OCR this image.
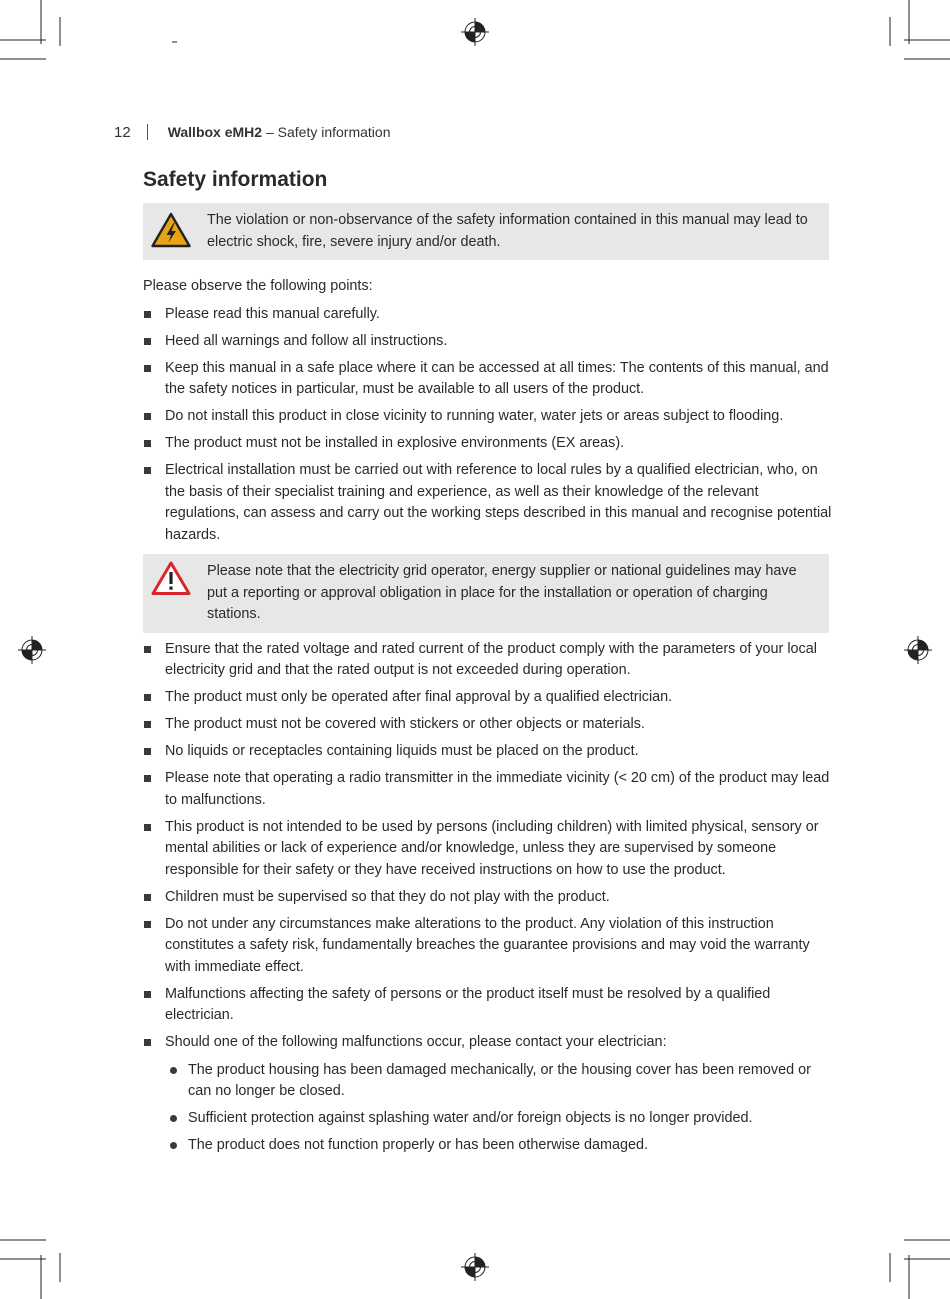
12	Wallbox eMH2 – Safety information
Safety information
The violation or non-observance of the safety information contained in this manual may lead to electric shock, fire, severe injury and/or death.

Please observe the following points:

Please read this manual carefully.
Heed all warnings and follow all instructions.
Keep this manual in a safe place where it can be accessed at all times: The contents of this manual, and the safety notices in particular, must be available to all users of the product.
Do not install this product in close vicinity to running water, water jets or areas subject to flooding.
The product must not be installed in explosive environments (EX areas).
Electrical installation must be carried out with reference to local rules by a qualified electrician, who, on the basis of their specialist training and experience, as well as their knowledge of the relevant regulations, can assess and carry out the working steps described in this manual and recognise potential hazards.
Please note that the electricity grid operator, energy supplier or national guidelines may have put a reporting or approval obligation in place for the installation or operation of charging stations.
Ensure that the rated voltage and rated current of the product comply with the parameters of your local electricity grid and that the rated output is not exceeded during operation.
The product must only be operated after final approval by a qualified electrician.
The product must not be covered with stickers or other objects or materials.
No liquids or receptacles containing liquids must be placed on the product.
Please note that operating a radio transmitter in the immediate vicinity (< 20 cm) of the product may lead to malfunctions.
This product is not intended to be used by persons (including children) with limited physical, sensory or mental abilities or lack of experience and/or knowledge, unless they are supervised by someone responsible for their safety or they have received instructions on how to use the product.
Children must be supervised so that they do not play with the product.
Do not under any circumstances make alterations to the product. Any violation of this instruction constitutes a safety risk, fundamentally breaches the guarantee provisions and may void the warranty with immediate effect.
Malfunctions affecting the safety of persons or the product itself must be resolved by a qualified electrician.
Should one of the following malfunctions occur, please contact your electrician:
The product housing has been damaged mechanically, or the housing cover has been removed or can no longer be closed.
Sufficient protection against splashing water and/or foreign objects is no longer provided.
The product does not function properly or has been otherwise damaged.
